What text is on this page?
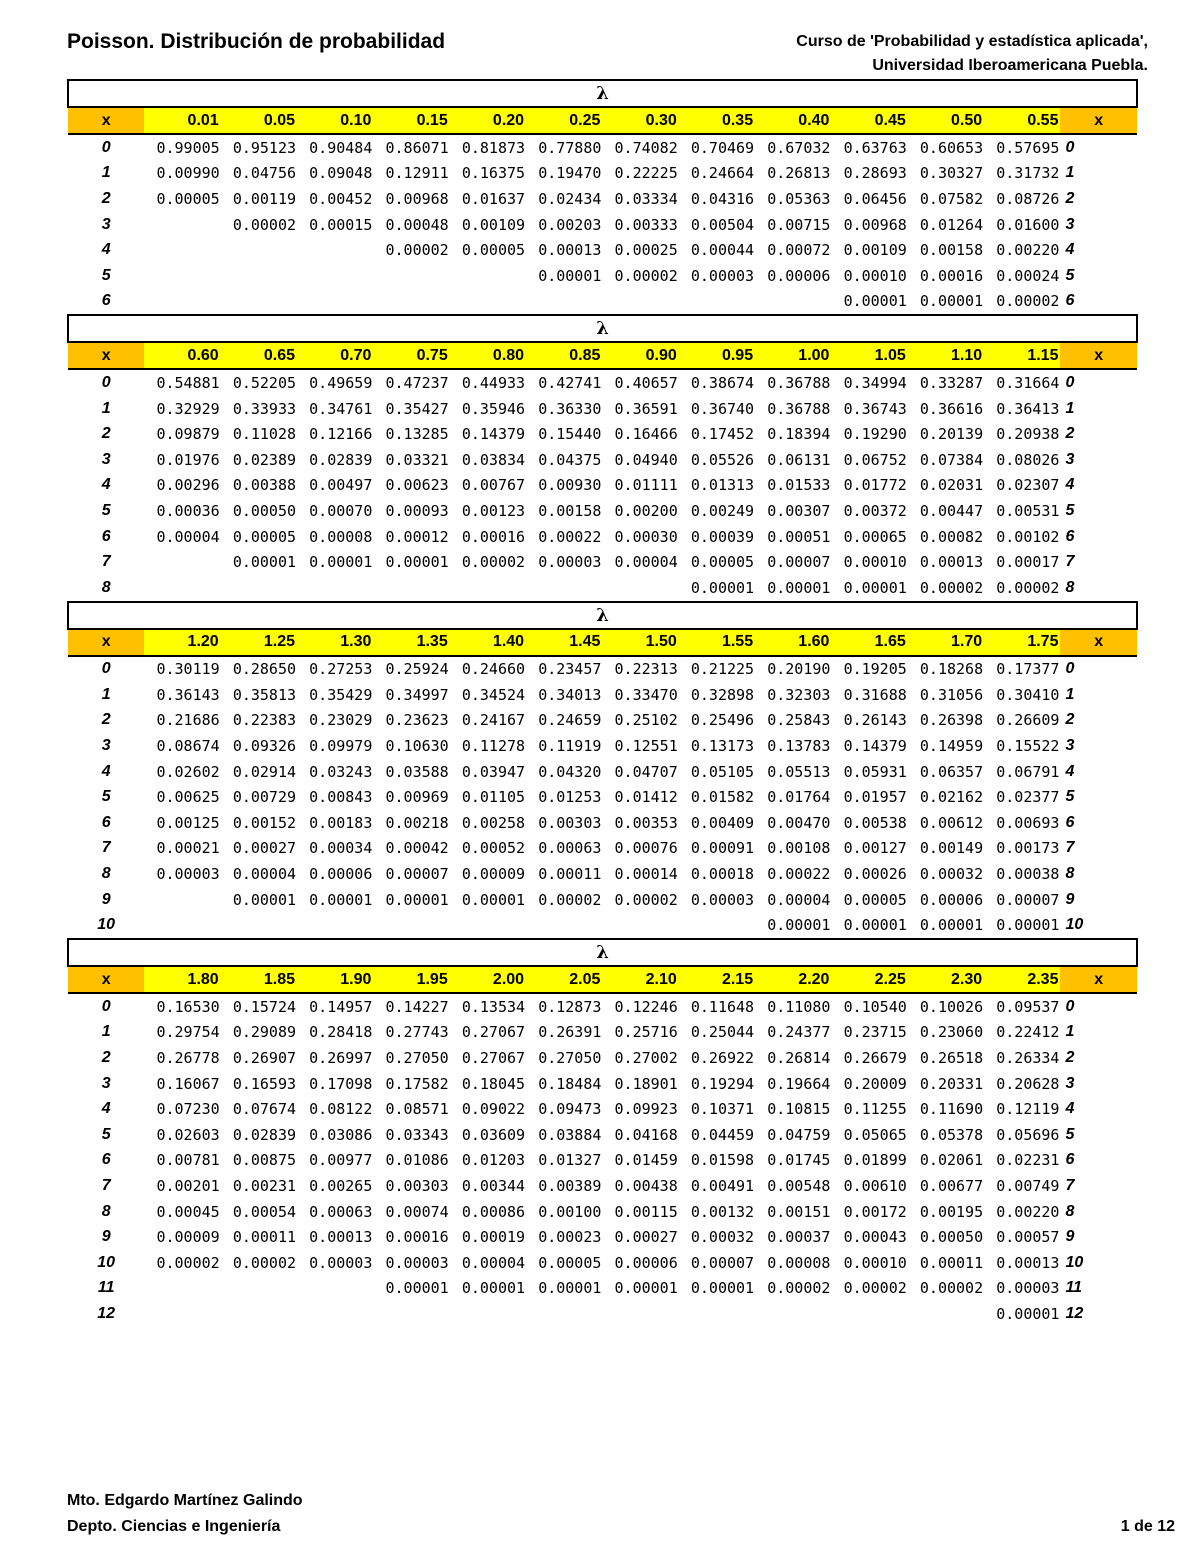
Poisson. Distribución de probabilidad	Curso de 'Probabilidad y estadística aplicada',
Universidad Iberoamericana Puebla.
λ													
x	0.01	0.05	0.10	0.15	0.20	0.25	0.30	0.35	0.40	0.45	0.50	0.55	x
0	0.99005	0.95123	0.90484	0.86071	0.81873	0.77880	0.74082	0.70469	0.67032	0.63763	0.60653	0.57695	0
1	0.00990	0.04756	0.09048	0.12911	0.16375	0.19470	0.22225	0.24664	0.26813	0.28693	0.30327	0.31732	1
2	0.00005	0.00119	0.00452	0.00968	0.01637	0.02434	0.03334	0.04316	0.05363	0.06456	0.07582	0.08726	2
3		0.00002	0.00015	0.00048	0.00109	0.00203	0.00333	0.00504	0.00715	0.00968	0.01264	0.01600	3
4				0.00002	0.00005	0.00013	0.00025	0.00044	0.00072	0.00109	0.00158	0.00220	4
5						0.00001	0.00002	0.00003	0.00006	0.00010	0.00016	0.00024	5
6										0.00001	0.00001	0.00002	6
λ													
x	0.60	0.65	0.70	0.75	0.80	0.85	0.90	0.95	1.00	1.05	1.10	1.15	x
0	0.54881	0.52205	0.49659	0.47237	0.44933	0.42741	0.40657	0.38674	0.36788	0.34994	0.33287	0.31664	0
1	0.32929	0.33933	0.34761	0.35427	0.35946	0.36330	0.36591	0.36740	0.36788	0.36743	0.36616	0.36413	1
2	0.09879	0.11028	0.12166	0.13285	0.14379	0.15440	0.16466	0.17452	0.18394	0.19290	0.20139	0.20938	2
3	0.01976	0.02389	0.02839	0.03321	0.03834	0.04375	0.04940	0.05526	0.06131	0.06752	0.07384	0.08026	3
4	0.00296	0.00388	0.00497	0.00623	0.00767	0.00930	0.01111	0.01313	0.01533	0.01772	0.02031	0.02307	4
5	0.00036	0.00050	0.00070	0.00093	0.00123	0.00158	0.00200	0.00249	0.00307	0.00372	0.00447	0.00531	5
6	0.00004	0.00005	0.00008	0.00012	0.00016	0.00022	0.00030	0.00039	0.00051	0.00065	0.00082	0.00102	6
7		0.00001	0.00001	0.00001	0.00002	0.00003	0.00004	0.00005	0.00007	0.00010	0.00013	0.00017	7
8								0.00001	0.00001	0.00001	0.00002	0.00002	8
λ													
x	1.20	1.25	1.30	1.35	1.40	1.45	1.50	1.55	1.60	1.65	1.70	1.75	x
0	0.30119	0.28650	0.27253	0.25924	0.24660	0.23457	0.22313	0.21225	0.20190	0.19205	0.18268	0.17377	0
1	0.36143	0.35813	0.35429	0.34997	0.34524	0.34013	0.33470	0.32898	0.32303	0.31688	0.31056	0.30410	1
2	0.21686	0.22383	0.23029	0.23623	0.24167	0.24659	0.25102	0.25496	0.25843	0.26143	0.26398	0.26609	2
3	0.08674	0.09326	0.09979	0.10630	0.11278	0.11919	0.12551	0.13173	0.13783	0.14379	0.14959	0.15522	3
4	0.02602	0.02914	0.03243	0.03588	0.03947	0.04320	0.04707	0.05105	0.05513	0.05931	0.06357	0.06791	4
5	0.00625	0.00729	0.00843	0.00969	0.01105	0.01253	0.01412	0.01582	0.01764	0.01957	0.02162	0.02377	5
6	0.00125	0.00152	0.00183	0.00218	0.00258	0.00303	0.00353	0.00409	0.00470	0.00538	0.00612	0.00693	6
7	0.00021	0.00027	0.00034	0.00042	0.00052	0.00063	0.00076	0.00091	0.00108	0.00127	0.00149	0.00173	7
8	0.00003	0.00004	0.00006	0.00007	0.00009	0.00011	0.00014	0.00018	0.00022	0.00026	0.00032	0.00038	8
9		0.00001	0.00001	0.00001	0.00001	0.00002	0.00002	0.00003	0.00004	0.00005	0.00006	0.00007	9
10									0.00001	0.00001	0.00001	0.00001	10
λ													
x	1.80	1.85	1.90	1.95	2.00	2.05	2.10	2.15	2.20	2.25	2.30	2.35	x
0	0.16530	0.15724	0.14957	0.14227	0.13534	0.12873	0.12246	0.11648	0.11080	0.10540	0.10026	0.09537	0
1	0.29754	0.29089	0.28418	0.27743	0.27067	0.26391	0.25716	0.25044	0.24377	0.23715	0.23060	0.22412	1
2	0.26778	0.26907	0.26997	0.27050	0.27067	0.27050	0.27002	0.26922	0.26814	0.26679	0.26518	0.26334	2
3	0.16067	0.16593	0.17098	0.17582	0.18045	0.18484	0.18901	0.19294	0.19664	0.20009	0.20331	0.20628	3
4	0.07230	0.07674	0.08122	0.08571	0.09022	0.09473	0.09923	0.10371	0.10815	0.11255	0.11690	0.12119	4
5	0.02603	0.02839	0.03086	0.03343	0.03609	0.03884	0.04168	0.04459	0.04759	0.05065	0.05378	0.05696	5
6	0.00781	0.00875	0.00977	0.01086	0.01203	0.01327	0.01459	0.01598	0.01745	0.01899	0.02061	0.02231	6
7	0.00201	0.00231	0.00265	0.00303	0.00344	0.00389	0.00438	0.00491	0.00548	0.00610	0.00677	0.00749	7
8	0.00045	0.00054	0.00063	0.00074	0.00086	0.00100	0.00115	0.00132	0.00151	0.00172	0.00195	0.00220	8
9	0.00009	0.00011	0.00013	0.00016	0.00019	0.00023	0.00027	0.00032	0.00037	0.00043	0.00050	0.00057	9
10	0.00002	0.00002	0.00003	0.00003	0.00004	0.00005	0.00006	0.00007	0.00008	0.00010	0.00011	0.00013	10
11				0.00001	0.00001	0.00001	0.00001	0.00001	0.00002	0.00002	0.00002	0.00003	11
12												0.00001	12
Mto. Edgardo Martínez Galindo
Depto. Ciencias e Ingeniería	1 de 12
